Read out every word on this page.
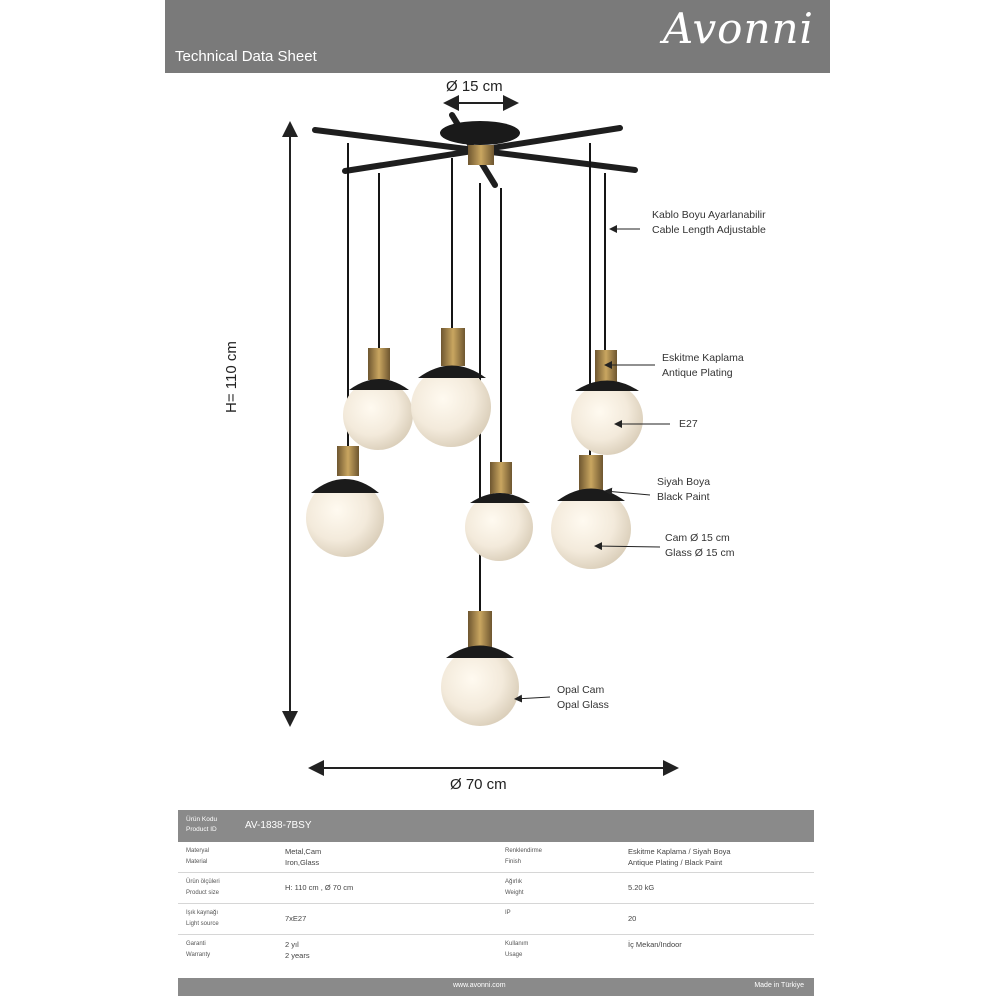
Technical Data Sheet
Avonni
Ø 15 cm
H= 110 cm
Ø 70 cm
Kablo Boyu Ayarlanabilir
Cable Length Adjustable
Eskitme Kaplama
Antique Plating
E27
Siyah Boya
Black Paint
Cam Ø 15 cm
Glass Ø 15 cm
Opal Cam
Opal Glass
Ürün Kodu
Product ID	AV-1838-7BSY
Materyal
Material
Metal,Cam
Iron,Glass
Renklendirme
Finish
Eskitme Kaplama / Siyah Boya
Antique Plating / Black Paint
Ürün ölçüleri
Product size
H: 110 cm , Ø 70 cm
Ağırlık
Weight
5.20 kG
Işık kaynağı
Light source
7xE27
IP
20
Garanti
Warranty
2 yıl
2 years
Kullanım
Usage
İç Mekan/Indoor
www.avonni.com	Made in Türkiye
